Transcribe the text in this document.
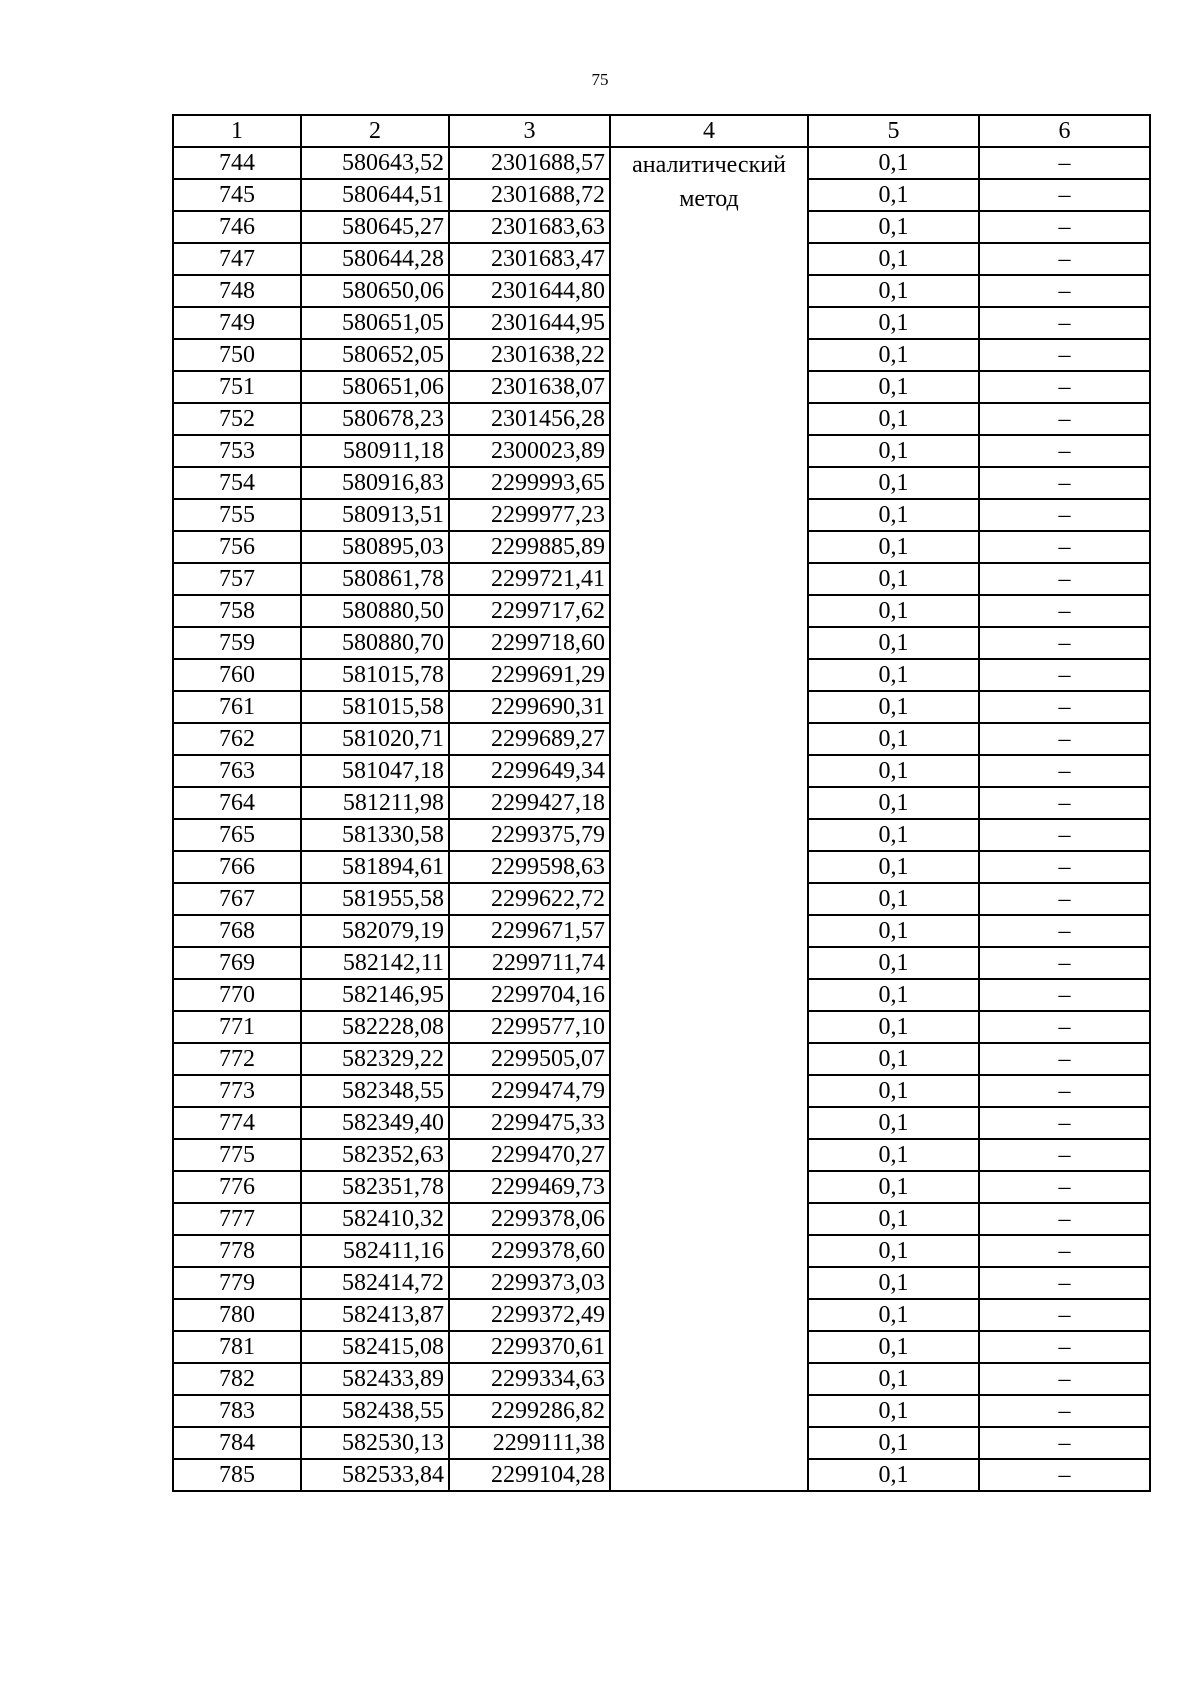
75
1	2	3	4	5	6
744	580643,52	2301688,57	аналитический метод	0,1	–
745	580644,51	2301688,72		0,1	–
746	580645,27	2301683,63		0,1	–
747	580644,28	2301683,47		0,1	–
748	580650,06	2301644,80		0,1	–
749	580651,05	2301644,95		0,1	–
750	580652,05	2301638,22		0,1	–
751	580651,06	2301638,07		0,1	–
752	580678,23	2301456,28		0,1	–
753	580911,18	2300023,89		0,1	–
754	580916,83	2299993,65		0,1	–
755	580913,51	2299977,23		0,1	–
756	580895,03	2299885,89		0,1	–
757	580861,78	2299721,41		0,1	–
758	580880,50	2299717,62		0,1	–
759	580880,70	2299718,60		0,1	–
760	581015,78	2299691,29		0,1	–
761	581015,58	2299690,31		0,1	–
762	581020,71	2299689,27		0,1	–
763	581047,18	2299649,34		0,1	–
764	581211,98	2299427,18		0,1	–
765	581330,58	2299375,79		0,1	–
766	581894,61	2299598,63		0,1	–
767	581955,58	2299622,72		0,1	–
768	582079,19	2299671,57		0,1	–
769	582142,11	2299711,74		0,1	–
770	582146,95	2299704,16		0,1	–
771	582228,08	2299577,10		0,1	–
772	582329,22	2299505,07		0,1	–
773	582348,55	2299474,79		0,1	–
774	582349,40	2299475,33		0,1	–
775	582352,63	2299470,27		0,1	–
776	582351,78	2299469,73		0,1	–
777	582410,32	2299378,06		0,1	–
778	582411,16	2299378,60		0,1	–
779	582414,72	2299373,03		0,1	–
780	582413,87	2299372,49		0,1	–
781	582415,08	2299370,61		0,1	–
782	582433,89	2299334,63		0,1	–
783	582438,55	2299286,82		0,1	–
784	582530,13	2299111,38		0,1	–
785	582533,84	2299104,28		0,1	–
